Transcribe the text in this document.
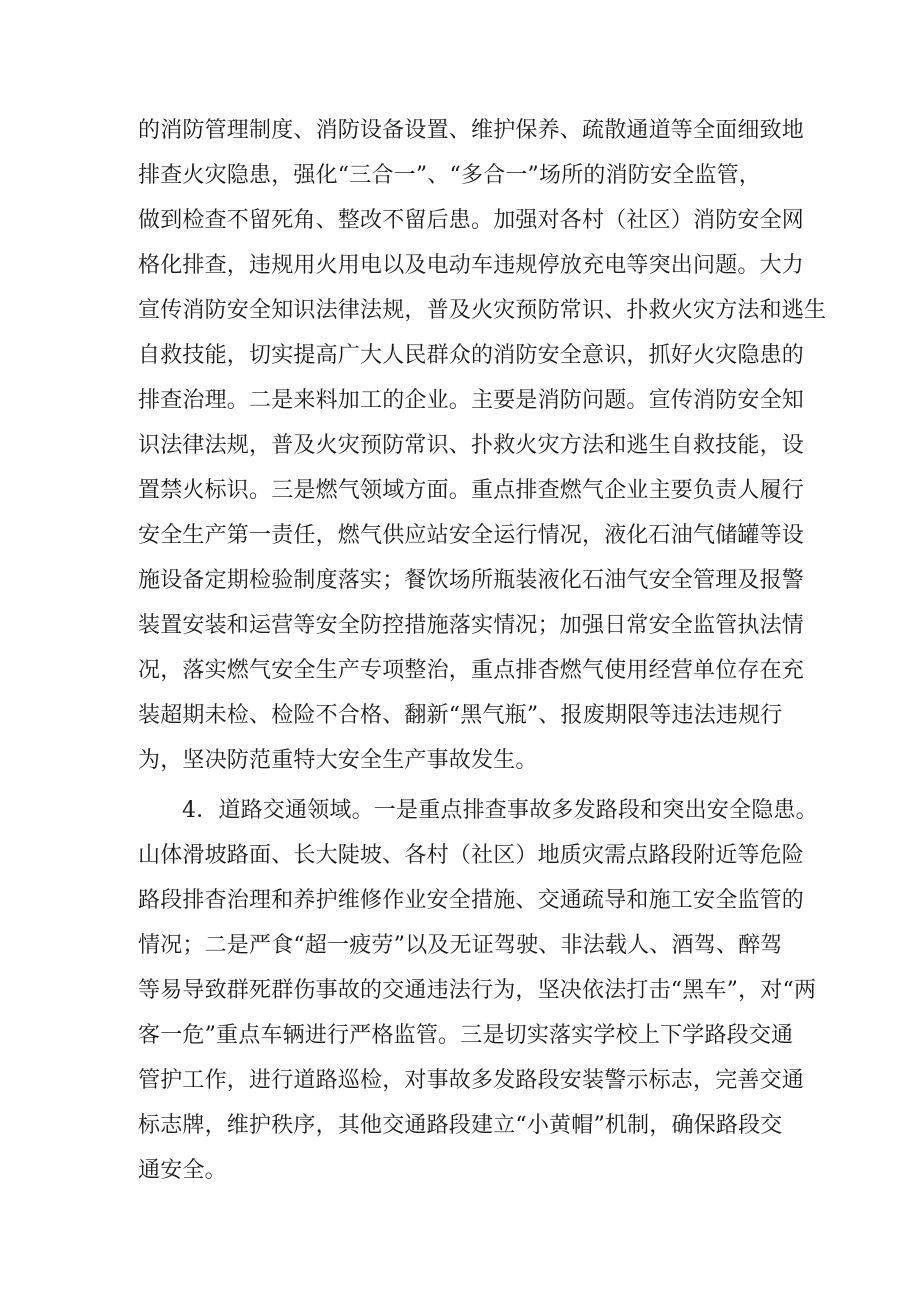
的消防管理制度、消防设备设置、维护保养、疏散通道等全面细致地
排查火灾隐患，强化“三合一”、“多合一”场所的消防安全监管，
做到检查不留死角、整改不留后患。加强对各村（社区）消防安全网
格化排查，违规用火用电以及电动车违规停放充电等突出问题。大力
宣传消防安全知识法律法规，普及火灾预防常识、扑救火灾方法和逃生
自救技能，切实提高广大人民群众的消防安全意识，抓好火灾隐患的
排查治理。二是来料加工的企业。主要是消防问题。宣传消防安全知
识法律法规，普及火灾预防常识、扑救火灾方法和逃生自救技能，设
置禁火标识。三是燃气领域方面。重点排查燃气企业主要负责人履行
安全生产第一责任，燃气供应站安全运行情况，液化石油气储罐等设
施设备定期检验制度落实；餐饮场所瓶装液化石油气安全管理及报警
装置安装和运营等安全防控措施落实情况；加强日常安全监管执法情
况，落实燃气安全生产专项整治，重点排杳燃气使用经营单位存在充
装超期未检、检险不合格、翻新“黑气瓶”、报废期限等违法违规行
为，坚决防范重特大安全生产事故发生。
4．道路交通领域。一是重点排查事故多发路段和突出安全隐患。
山体滑坡路面、长大陡坡、各村（社区）地质灾需点路段附近等危险
路段排杳治理和养护维修作业安全措施、交通疏导和施工安全监管的
情况；二是严食“超一疲劳”以及无证驾驶、非法载人、酒驾、醉驾
等易导致群死群伤事故的交通违法行为，坚决依法打击“黑车”，对“两
客一危”重点车辆进行严格监管。三是切实落实学校上下学路段交通
管护工作，进行道路巡检，对事故多发路段安装警示标志，完善交通
标志牌，维护秩序，其他交通路段建立“小黄帽”机制，确保路段交
通安全。
